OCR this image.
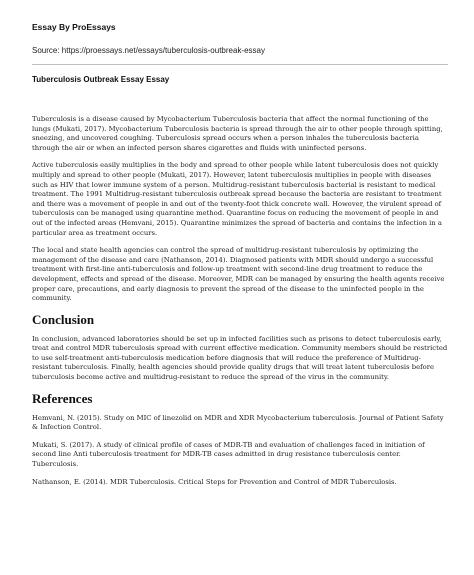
Essay By ProEssays
Source: https://proessays.net/essays/tuberculosis-outbreak-essay
Tuberculosis Outbreak Essay Essay

Tuberculosis is a disease caused by Mycobacterium Tuberculosis bacteria that affect the normal functioning of the lungs (Mukati, 2017). Mycobacterium Tuberculosis bacteria is spread through the air to other people through spitting, sneezing, and uncovered coughing. Tuberculosis spread occurs when a person inhales the tuberculosis bacteria through the air or when an infected person shares cigarettes and fluids with uninfected persons.

Active tuberculosis easily multiplies in the body and spread to other people while latent tuberculosis does not quickly multiply and spread to other people (Mukati, 2017). However, latent tuberculosis multiplies in people with diseases such as HIV that lower immune system of a person. Multidrug-resistant tuberculosis bacterial is resistant to medical treatment. The 1991 Multidrug-resistant tuberculosis outbreak spread because the bacteria are resistant to treatment and there was a movement of people in and out of the twenty-foot thick concrete wall. However, the virulent spread of tuberculosis can be managed using quarantine method. Quarantine focus on reducing the movement of people in and out of the infected areas (Hemvani, 2015). Quarantine minimizes the spread of bacteria and contains the infection in a particular area as treatment occurs.

The local and state health agencies can control the spread of multidrug-resistant tuberculosis by optimizing the management of the disease and care (Nathanson, 2014). Diagnosed patients with MDR should undergo a successful treatment with first-line anti-tuberculosis and follow-up treatment with second-line drug treatment to reduce the development, effects and spread of the disease. Moreover, MDR can be managed by ensuring the health agents receive proper care, precautions, and early diagnosis to prevent the spread of the disease to the uninfected people in the community.

Conclusion

In conclusion, advanced laboratories should be set up in infected facilities such as prisons to detect tuberculosis early, treat and control MDR tuberculosis spread with current effective medication. Community members should be restricted to use self-treatment anti-tuberculosis medication before diagnosis that will reduce the preference of Multidrug-resistant tuberculosis. Finally, health agencies should provide quality drugs that will treat latent tuberculosis before tuberculosis become active and multidrug-resistant to reduce the spread of the virus in the community.

References

Hemvani, N. (2015). Study on MIC of linezolid on MDR and XDR Mycobacterium tuberculosis. Journal of Patient Safety & Infection Control.

Mukati, S. (2017). A study of clinical profile of cases of MDR-TB and evaluation of challenges faced in initiation of second line Anti tuberculosis treatment for MDR-TB cases admitted in drug resistance tuberculosis center. Tuberculosis.

Nathanson, E. (2014). MDR Tuberculosis. Critical Steps for Prevention and Control of MDR Tuberculosis.
